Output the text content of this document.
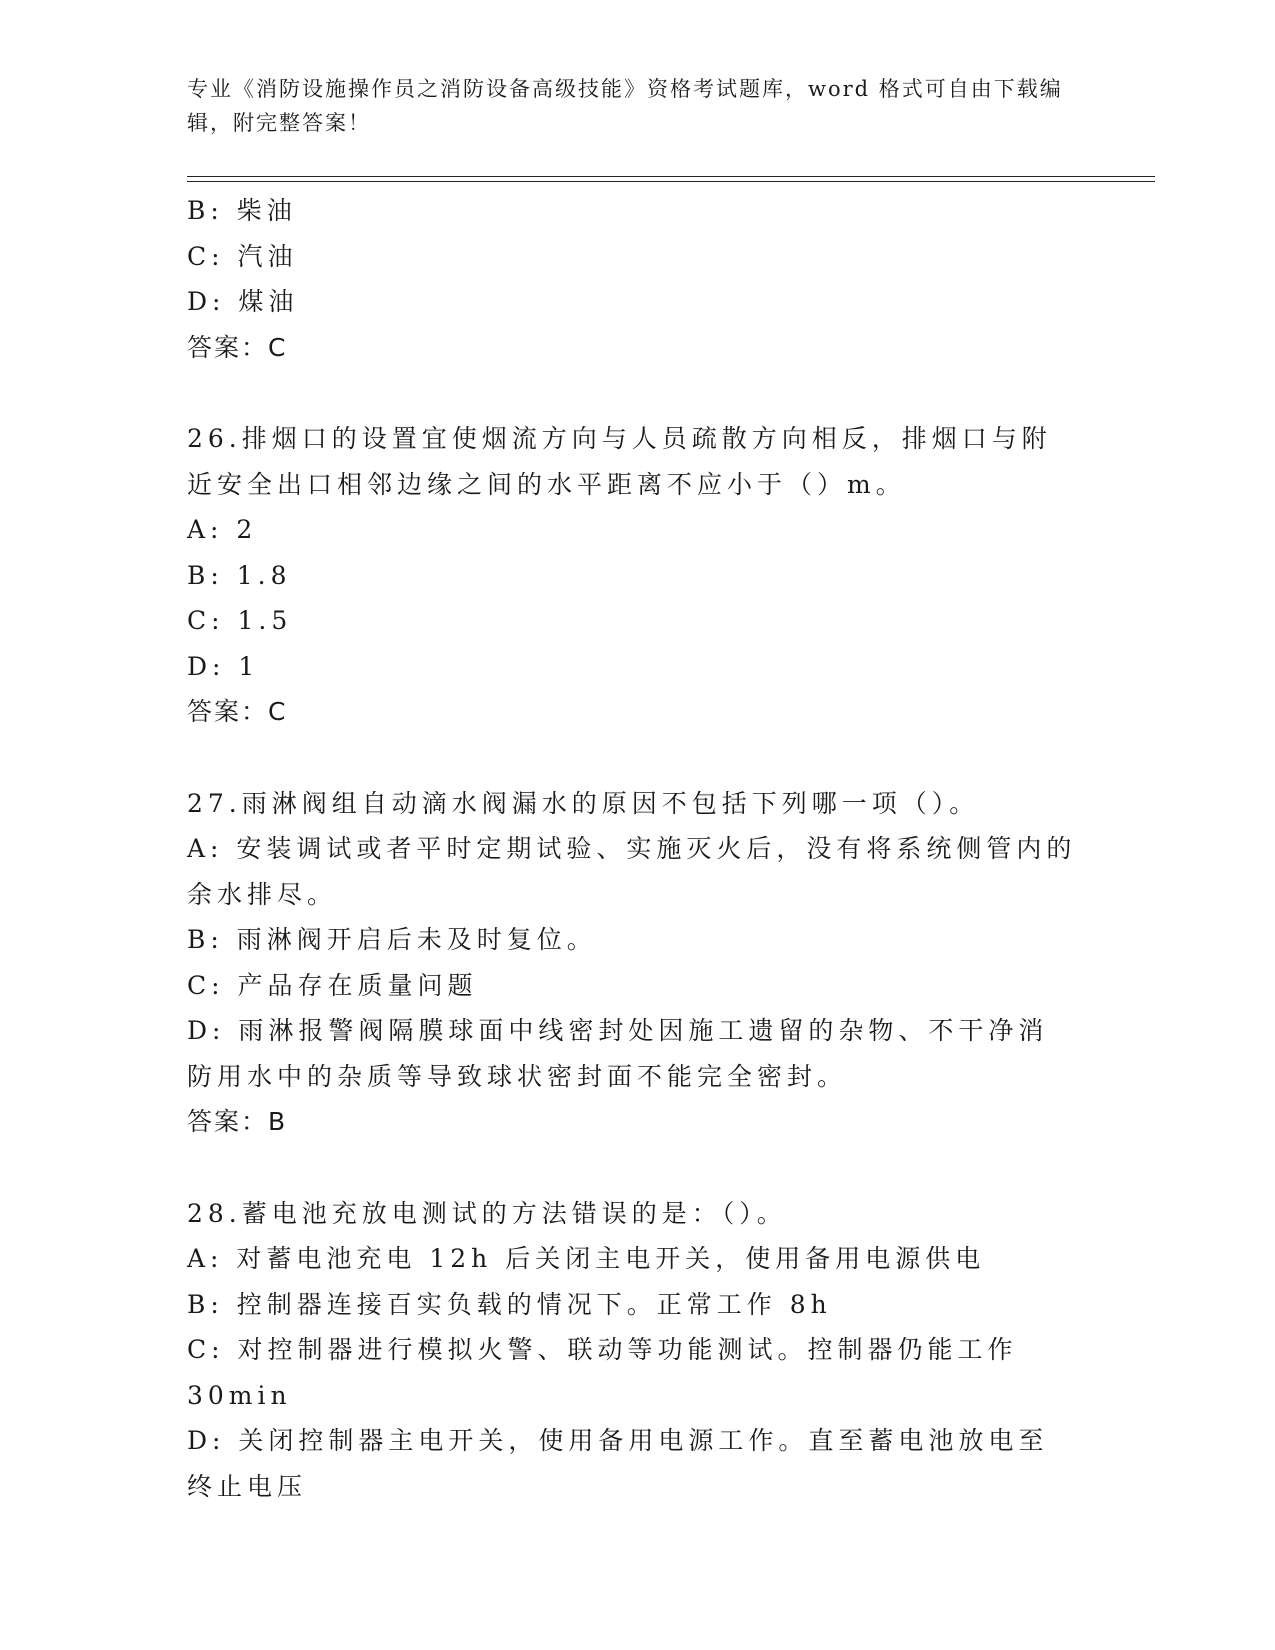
专业《消防设施操作员之消防设备高级技能》资格考试题库，word 格式可自由下载编辑，附完整答案！
B: 柴油
C: 汽油
D: 煤油
答案：C
26.排烟口的设置宜使烟流方向与人员疏散方向相反，排烟口与附近安全出口相邻边缘之间的水平距离不应小于（）m。
A: 2
B: 1.8
C: 1.5
D: 1
答案：C
27.雨淋阀组自动滴水阀漏水的原因不包括下列哪一项（）。
A: 安装调试或者平时定期试验、实施灭火后，没有将系统侧管内的余水排尽。
B: 雨淋阀开启后未及时复位。
C: 产品存在质量问题
D: 雨淋报警阀隔膜球面中线密封处因施工遗留的杂物、不干净消防用水中的杂质等导致球状密封面不能完全密封。
答案：B
28.蓄电池充放电测试的方法错误的是：（）。
A: 对蓄电池充电 12h 后关闭主电开关，使用备用电源供电
B: 控制器连接百实负载的情况下。正常工作 8h
C: 对控制器进行模拟火警、联动等功能测试。控制器仍能工作 30min
D: 关闭控制器主电开关，使用备用电源工作。直至蓄电池放电至终止电压
